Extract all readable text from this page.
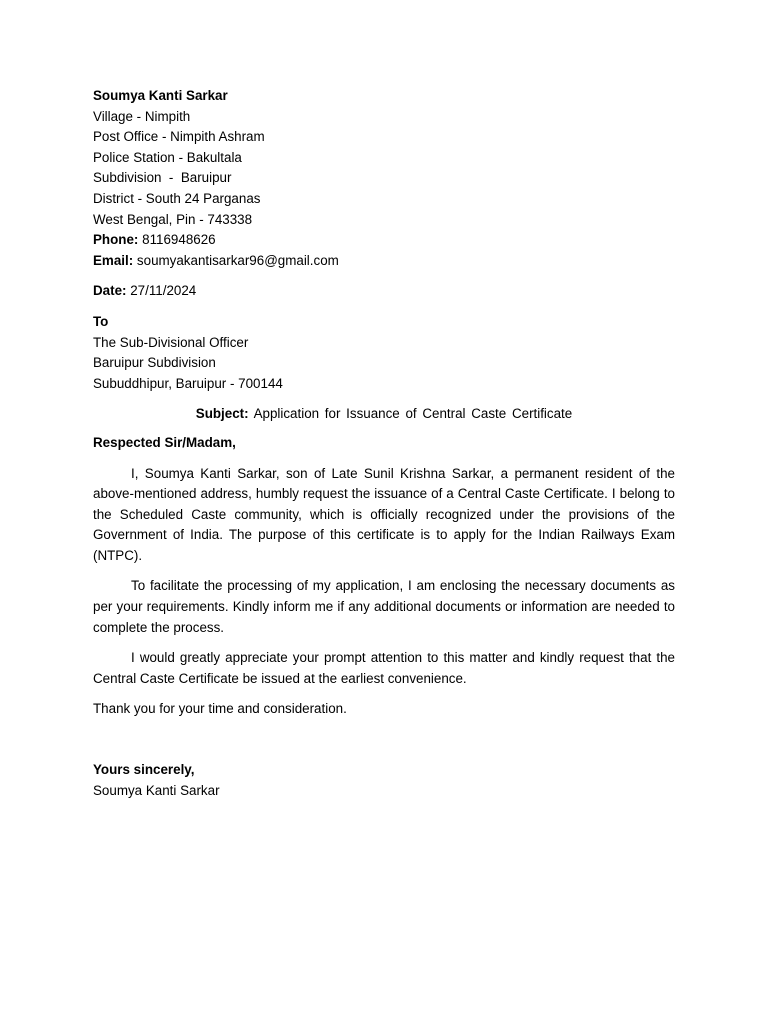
Soumya Kanti Sarkar
Village - Nimpith
Post Office - Nimpith Ashram
Police Station - Bakultala
Subdivision  -  Baruipur
District - South 24 Parganas
West Bengal, Pin - 743338
Phone: 8116948626
Email: soumyakantisarkar96@gmail.com
Date: 27/11/2024
To
The Sub-Divisional Officer
Baruipur Subdivision
Subuddhipur, Baruipur - 700144
Subject: Application for Issuance of Central Caste Certificate
Respected Sir/Madam,

I, Soumya Kanti Sarkar, son of Late Sunil Krishna Sarkar, a permanent resident of the above-mentioned address, humbly request the issuance of a Central Caste Certificate. I belong to the Scheduled Caste community, which is officially recognized under the provisions of the Government of India. The purpose of this certificate is to apply for the Indian Railways Exam (NTPC).

To facilitate the processing of my application, I am enclosing the necessary documents as per your requirements. Kindly inform me if any additional documents or information are needed to complete the process.

I would greatly appreciate your prompt attention to this matter and kindly request that the Central Caste Certificate be issued at the earliest convenience.

Thank you for your time and consideration.
Yours sincerely,
Soumya Kanti Sarkar
